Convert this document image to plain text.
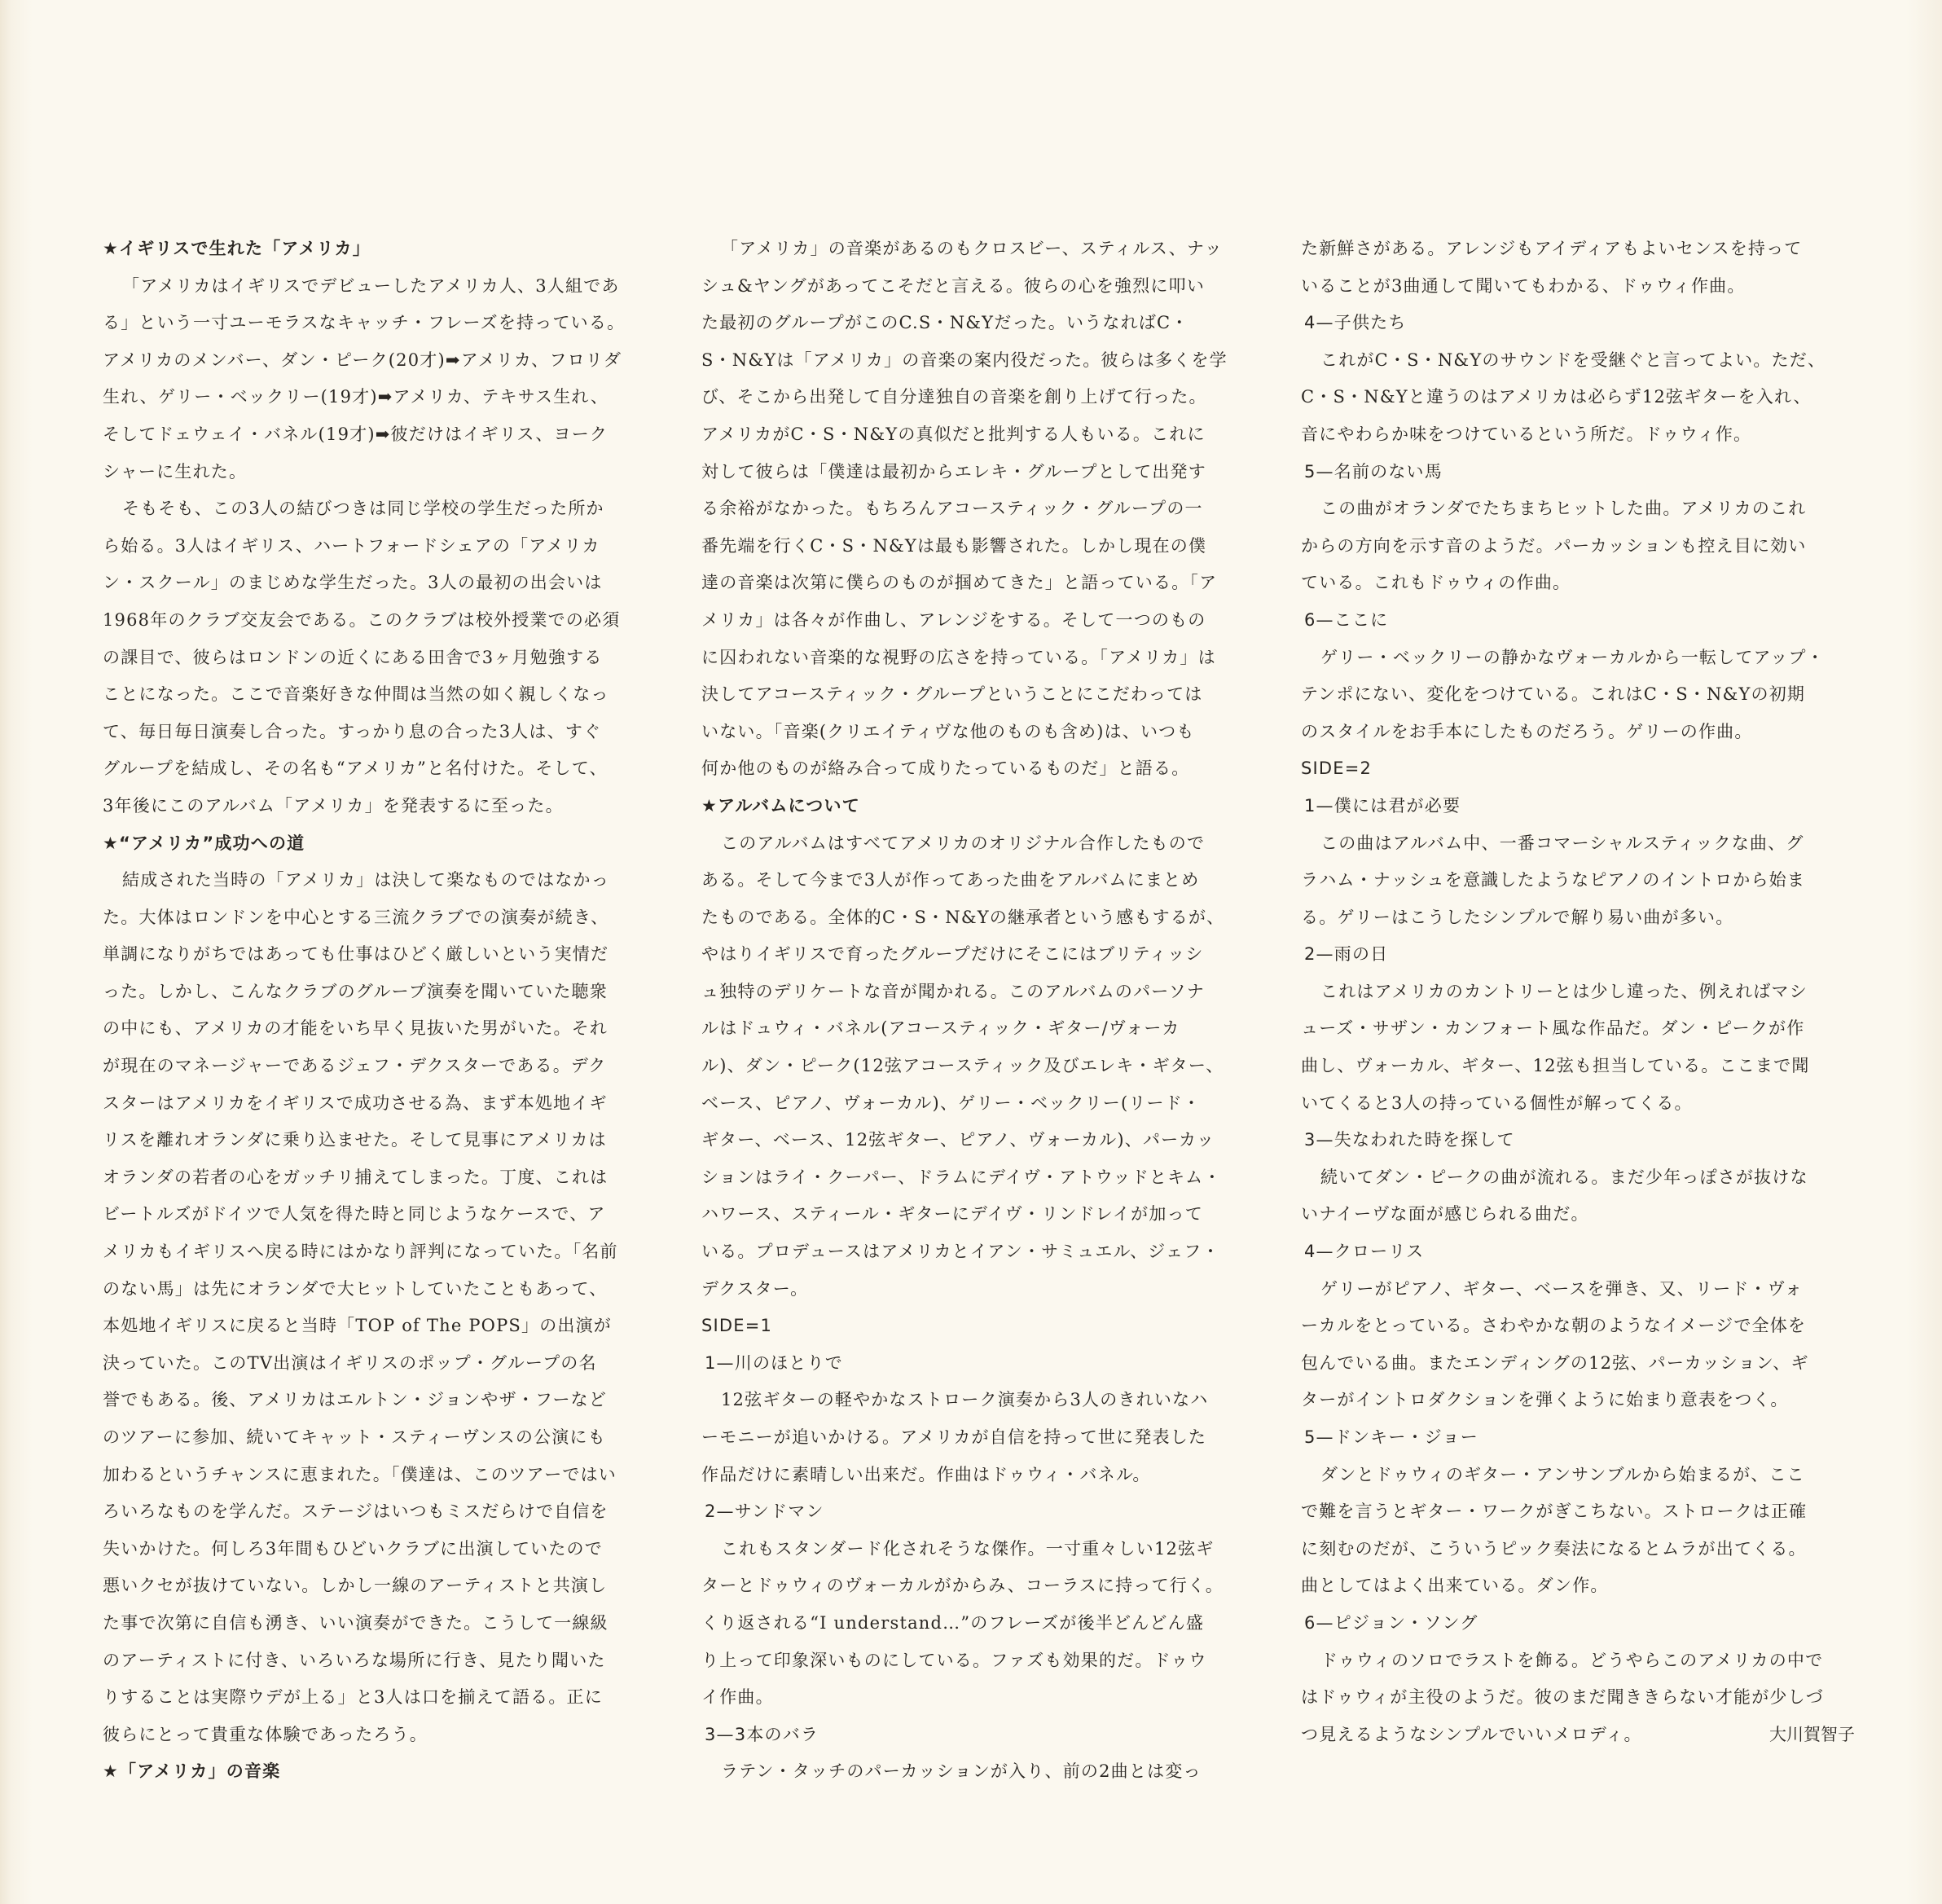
★イギリスで生れた「アメリカ」
「アメリカはイギリスでデビューしたアメリカ人、3人組であ
る」という一寸ユーモラスなキャッチ・フレーズを持っている。
アメリカのメンバー、ダン・ピーク(20才)➡アメリカ、フロリダ
生れ、ゲリー・ベックリー(19才)➡アメリカ、テキサス生れ、
そしてドェウェイ・バネル(19才)➡彼だけはイギリス、ヨーク
シャーに生れた。
そもそも、この3人の結びつきは同じ学校の学生だった所か
ら始る。3人はイギリス、ハートフォードシェアの「アメリカ
ン・スクール」のまじめな学生だった。3人の最初の出会いは
1968年のクラブ交友会である。このクラブは校外授業での必須
の課目で、彼らはロンドンの近くにある田舎で3ヶ月勉強する
ことになった。ここで音楽好きな仲間は当然の如く親しくなっ
て、毎日毎日演奏し合った。すっかり息の合った3人は、すぐ
グループを結成し、その名も“アメリカ”と名付けた。そして、
3年後にこのアルバム「アメリカ」を発表するに至った。
★“アメリカ”成功への道
結成された当時の「アメリカ」は決して楽なものではなかっ
た。大体はロンドンを中心とする三流クラブでの演奏が続き、
単調になりがちではあっても仕事はひどく厳しいという実情だ
った。しかし、こんなクラブのグループ演奏を聞いていた聴衆
の中にも、アメリカの才能をいち早く見抜いた男がいた。それ
が現在のマネージャーであるジェフ・デクスターである。デク
スターはアメリカをイギリスで成功させる為、まず本処地イギ
リスを離れオランダに乗り込ませた。そして見事にアメリカは
オランダの若者の心をガッチリ捕えてしまった。丁度、これは
ビートルズがドイツで人気を得た時と同じようなケースで、ア
メリカもイギリスへ戻る時にはかなり評判になっていた。「名前
のない馬」は先にオランダで大ヒットしていたこともあって、
本処地イギリスに戻ると当時「TOP of The POPS」の出演が
決っていた。このTV出演はイギリスのポップ・グループの名
誉でもある。後、アメリカはエルトン・ジョンやザ・フーなど
のツアーに参加、続いてキャット・スティーヴンスの公演にも
加わるというチャンスに恵まれた。「僕達は、このツアーではい
ろいろなものを学んだ。ステージはいつもミスだらけで自信を
失いかけた。何しろ3年間もひどいクラブに出演していたので
悪いクセが抜けていない。しかし一線のアーティストと共演し
た事で次第に自信も湧き、いい演奏ができた。こうして一線級
のアーティストに付き、いろいろな場所に行き、見たり聞いた
りすることは実際ウデが上る」と3人は口を揃えて語る。正に
彼らにとって貴重な体験であったろう。
★「アメリカ」の音楽
「アメリカ」の音楽があるのもクロスビー、スティルス、ナッ
シュ&ヤングがあってこそだと言える。彼らの心を強烈に叩い
た最初のグループがこのC.S・N&Yだった。いうなればC・
S・N&Yは「アメリカ」の音楽の案内役だった。彼らは多くを学
び、そこから出発して自分達独自の音楽を創り上げて行った。
アメリカがC・S・N&Yの真似だと批判する人もいる。これに
対して彼らは「僕達は最初からエレキ・グループとして出発す
る余裕がなかった。もちろんアコースティック・グループの一
番先端を行くC・S・N&Yは最も影響された。しかし現在の僕
達の音楽は次第に僕らのものが掴めてきた」と語っている。「ア
メリカ」は各々が作曲し、アレンジをする。そして一つのもの
に囚われない音楽的な視野の広さを持っている。「アメリカ」は
決してアコースティック・グループということにこだわっては
いない。「音楽(クリエイティヴな他のものも含め)は、いつも
何か他のものが絡み合って成りたっているものだ」と語る。
★アルバムについて
このアルバムはすべてアメリカのオリジナル合作したもので
ある。そして今まで3人が作ってあった曲をアルバムにまとめ
たものである。全体的C・S・N&Yの継承者という感もするが、
やはりイギリスで育ったグループだけにそこにはブリティッシ
ュ独特のデリケートな音が聞かれる。このアルバムのパーソナ
ルはドュウィ・バネル(アコースティック・ギター/ヴォーカ
ル)、ダン・ピーク(12弦アコースティック及びエレキ・ギター、
ベース、ピアノ、ヴォーカル)、ゲリー・ベックリー(リード・
ギター、ベース、12弦ギター、ピアノ、ヴォーカル)、パーカッ
ションはライ・クーパー、ドラムにデイヴ・アトウッドとキム・
ハワース、スティール・ギターにデイヴ・リンドレイが加って
いる。プロデュースはアメリカとイアン・サミュエル、ジェフ・
デクスター。
SIDE=1
1—川のほとりで
12弦ギターの軽やかなストローク演奏から3人のきれいなハ
ーモニーが追いかける。アメリカが自信を持って世に発表した
作品だけに素晴しい出来だ。作曲はドゥウィ・バネル。
2—サンドマン
これもスタンダード化されそうな傑作。一寸重々しい12弦ギ
ターとドゥウィのヴォーカルがからみ、コーラスに持って行く。
くり返される“I understand…”のフレーズが後半どんどん盛
り上って印象深いものにしている。ファズも効果的だ。ドゥウ
イ作曲。
3—3本のバラ
ラテン・タッチのパーカッションが入り、前の2曲とは変っ
た新鮮さがある。アレンジもアイディアもよいセンスを持って
いることが3曲通して聞いてもわかる、ドゥウィ作曲。
4—子供たち
これがC・S・N&Yのサウンドを受継ぐと言ってよい。ただ、
C・S・N&Yと違うのはアメリカは必らず12弦ギターを入れ、
音にやわらか味をつけているという所だ。ドゥウィ作。
5—名前のない馬
この曲がオランダでたちまちヒットした曲。アメリカのこれ
からの方向を示す音のようだ。パーカッションも控え目に効い
ている。これもドゥウィの作曲。
6—ここに
ゲリー・ベックリーの静かなヴォーカルから一転してアップ・
テンポにない、変化をつけている。これはC・S・N&Yの初期
のスタイルをお手本にしたものだろう。ゲリーの作曲。
SIDE=2
1—僕には君が必要
この曲はアルバム中、一番コマーシャルスティックな曲、グ
ラハム・ナッシュを意識したようなピアノのイントロから始ま
る。ゲリーはこうしたシンプルで解り易い曲が多い。
2—雨の日
これはアメリカのカントリーとは少し違った、例えればマシ
ューズ・サザン・カンフォート風な作品だ。ダン・ピークが作
曲し、ヴォーカル、ギター、12弦も担当している。ここまで聞
いてくると3人の持っている個性が解ってくる。
3—失なわれた時を探して
続いてダン・ピークの曲が流れる。まだ少年っぽさが抜けな
いナイーヴな面が感じられる曲だ。
4—クローリス
ゲリーがピアノ、ギター、ベースを弾き、又、リード・ヴォ
ーカルをとっている。さわやかな朝のようなイメージで全体を
包んでいる曲。またエンディングの12弦、パーカッション、ギ
ターがイントロダクションを弾くように始まり意表をつく。
5—ドンキー・ジョー
ダンとドゥウィのギター・アンサンブルから始まるが、ここ
で難を言うとギター・ワークがぎこちない。ストロークは正確
に刻むのだが、こういうピック奏法になるとムラが出てくる。
曲としてはよく出来ている。ダン作。
6—ピジョン・ソング
ドゥウィのソロでラストを飾る。どうやらこのアメリカの中で
はドゥウィが主役のようだ。彼のまだ聞ききらない才能が少しづ
つ見えるようなシンプルでいいメロディ。	大川賀智子
